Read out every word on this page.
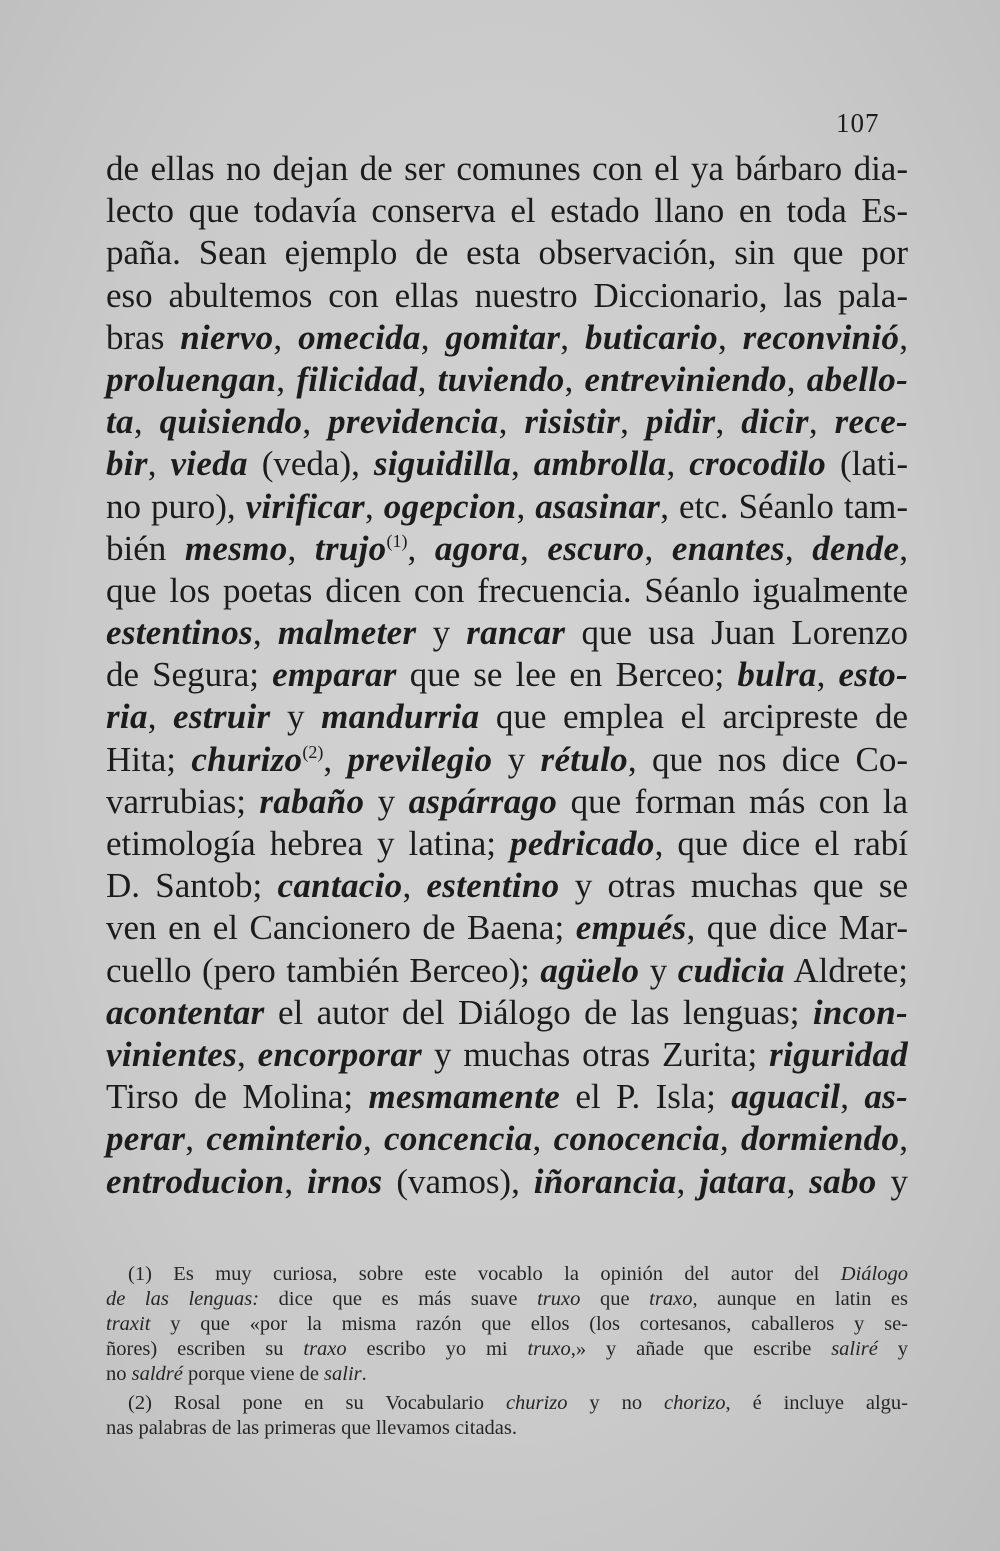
107
de ellas no dejan de ser comunes con el ya bárbaro dia-
lecto que todavía conserva el estado llano en toda Es-
paña. Sean ejemplo de esta observación, sin que por
eso abultemos con ellas nuestro Diccionario, las pala-
bras niervo, omecida, gomitar, buticario, reconvinió,
proluengan, filicidad, tuviendo, entreviniendo, abello-
ta, quisiendo, previdencia, risistir, pidir, dicir, rece-
bir, vieda (veda), siguidilla, ambrolla, crocodilo (lati-
no puro), virificar, ogepcion, asasinar, etc. Séanlo tam-
bién mesmo, trujo$^{(1)}$, agora, escuro, enantes, dende,
que los poetas dicen con frecuencia. Séanlo igualmente
estentinos, malmeter y rancar que usa Juan Lorenzo
de Segura; emparar que se lee en Berceo; bulra, esto-
ria, estruir y mandurria que emplea el arcipreste de
Hita; churizo$^{(2)}$, previlegio y rétulo, que nos dice Co-
varrubias; rabaño y aspárrago que forman más con la
etimología hebrea y latina; pedricado, que dice el rabí
D. Santob; cantacio, estentino y otras muchas que se
ven en el Cancionero de Baena; empués, que dice Mar-
cuello (pero también Berceo); agüelo y cudicia Aldrete;
acontentar el autor del Diálogo de las lenguas; incon-
vinientes, encorporar y muchas otras Zurita; riguridad
Tirso de Molina; mesmamente el P. Isla; aguacil, as-
perar, ceminterio, concencia, conocencia, dormiendo,
entroducion, irnos (vamos), iñorancia, jatara, sabo y
(1) Es muy curiosa, sobre este vocablo la opinión del autor del Diálogo
de las lenguas: dice que es más suave truxo que traxo, aunque en latin es
traxit y que «por la misma razón que ellos (los cortesanos, caballeros y se-
ñores) escriben su traxo escribo yo mi truxo,» y añade que escribe saliré y
no saldré porque viene de salir.
(2) Rosal pone en su Vocabulario churizo y no chorizo, é incluye algu-
nas palabras de las primeras que llevamos citadas.
